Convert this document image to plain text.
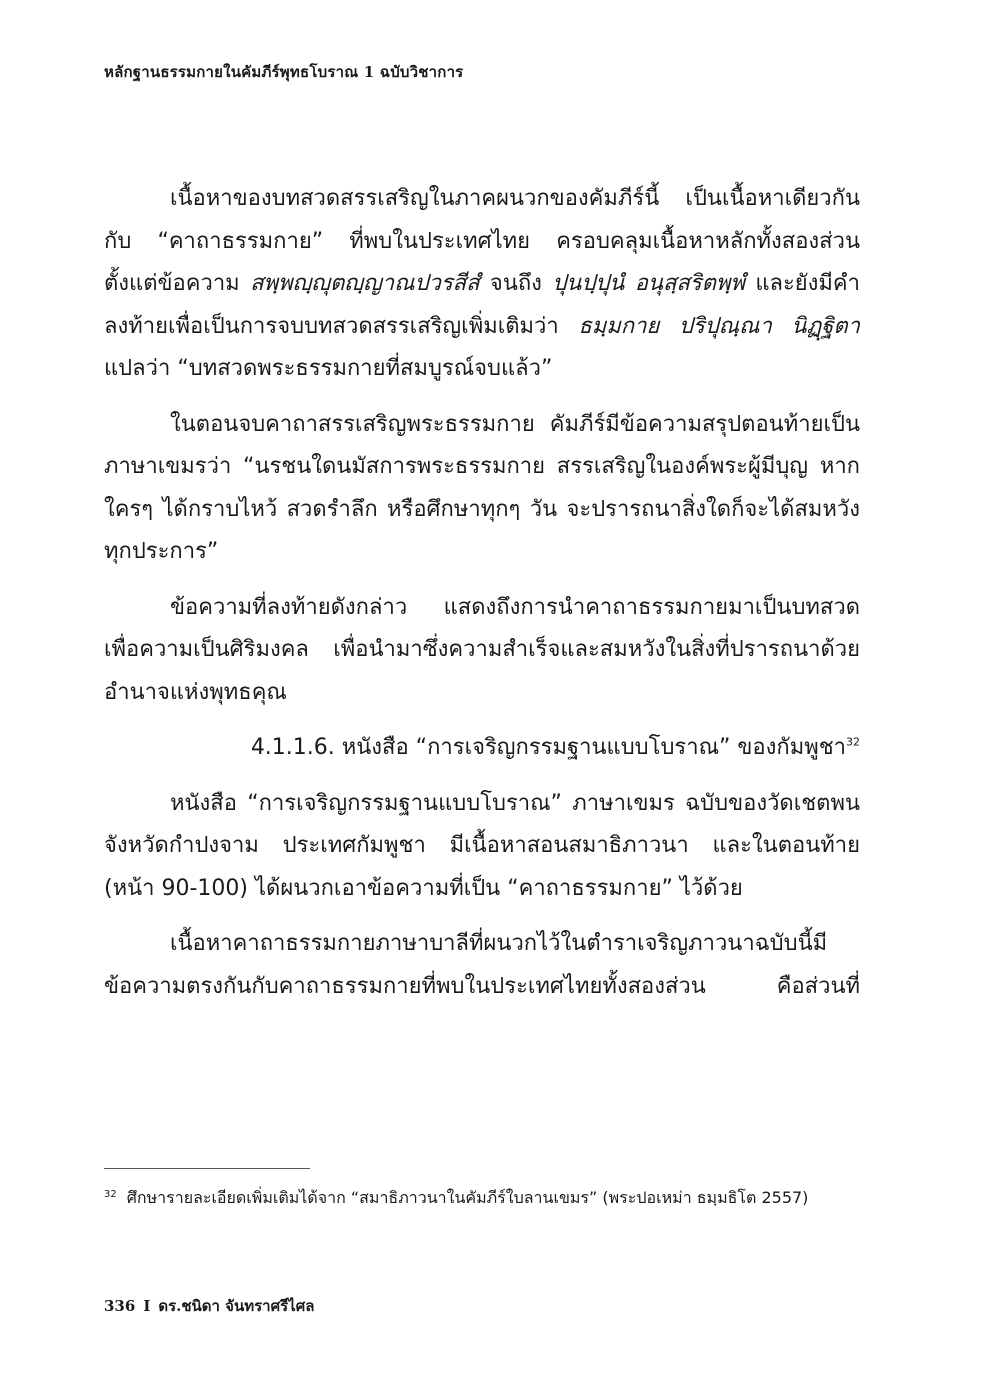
หลักฐานธรรมกายในคัมภีร์พุทธโบราณ 1 ฉบับวิชาการ

เนื้อหาของบทสวดสรรเสริญในภาคผนวกของคัมภีร์นี้ เป็นเนื้อหาเดียวกันกับ “คาถาธรรมกาย” ที่พบในประเทศไทย ครอบคลุมเนื้อหาหลักทั้งสองส่วน ตั้งแต่ข้อความ สพฺพญฺญุตญฺญาณปวรสีสํ จนถึง ปุนปฺปุนํ อนุสฺสริตพฺพํ และยังมีคำลงท้ายเพื่อเป็นการจบบทสวดสรรเสริญเพิ่มเติมว่า ธมฺมกาย ปริปุณฺณา นิฏฺฐิตา แปลว่า “บทสวดพระธรรมกายที่สมบูรณ์จบแล้ว”

ในตอนจบคาถาสรรเสริญพระธรรมกาย คัมภีร์มีข้อความสรุปตอนท้ายเป็นภาษาเขมรว่า “นรชนใดนมัสการพระธรรมกาย สรรเสริญในองค์พระผู้มีบุญ หากใครๆ ได้กราบไหว้ สวดรำลึก หรือศึกษาทุกๆ วัน จะปรารถนาสิ่งใดก็จะได้สมหวังทุกประการ”

ข้อความที่ลงท้ายดังกล่าว แสดงถึงการนำคาถาธรรมกายมาเป็นบทสวดเพื่อความเป็นศิริมงคล เพื่อนำมาซึ่งความสำเร็จและสมหวังในสิ่งที่ปรารถนาด้วยอำนาจแห่งพุทธคุณ

4.1.1.6. หนังสือ “การเจริญกรรมฐานแบบโบราณ” ของกัมพูชา$^{32}$

หนังสือ “การเจริญกรรมฐานแบบโบราณ” ภาษาเขมร ฉบับของวัดเชตพน จังหวัดกำปงจาม ประเทศกัมพูชา มีเนื้อหาสอนสมาธิภาวนา และในตอนท้าย (หน้า 90-100) ได้ผนวกเอาข้อความที่เป็น “คาถาธรรมกาย” ไว้ด้วย

เนื้อหาคาถาธรรมกายภาษาบาลีที่ผนวกไว้ในตำราเจริญภาวนาฉบับนี้มีข้อความตรงกันกับคาถาธรรมกายที่พบในประเทศไทยทั้งสองส่วน คือส่วนที่

$^{32}$ ศึกษารายละเอียดเพิ่มเติมได้จาก “สมาธิภาวนาในคัมภีร์ใบลานเขมร” (พระปอเหม่า ธมฺมธิโต 2557)
336 I ดร.ชนิดา จันทราศรีไศล
